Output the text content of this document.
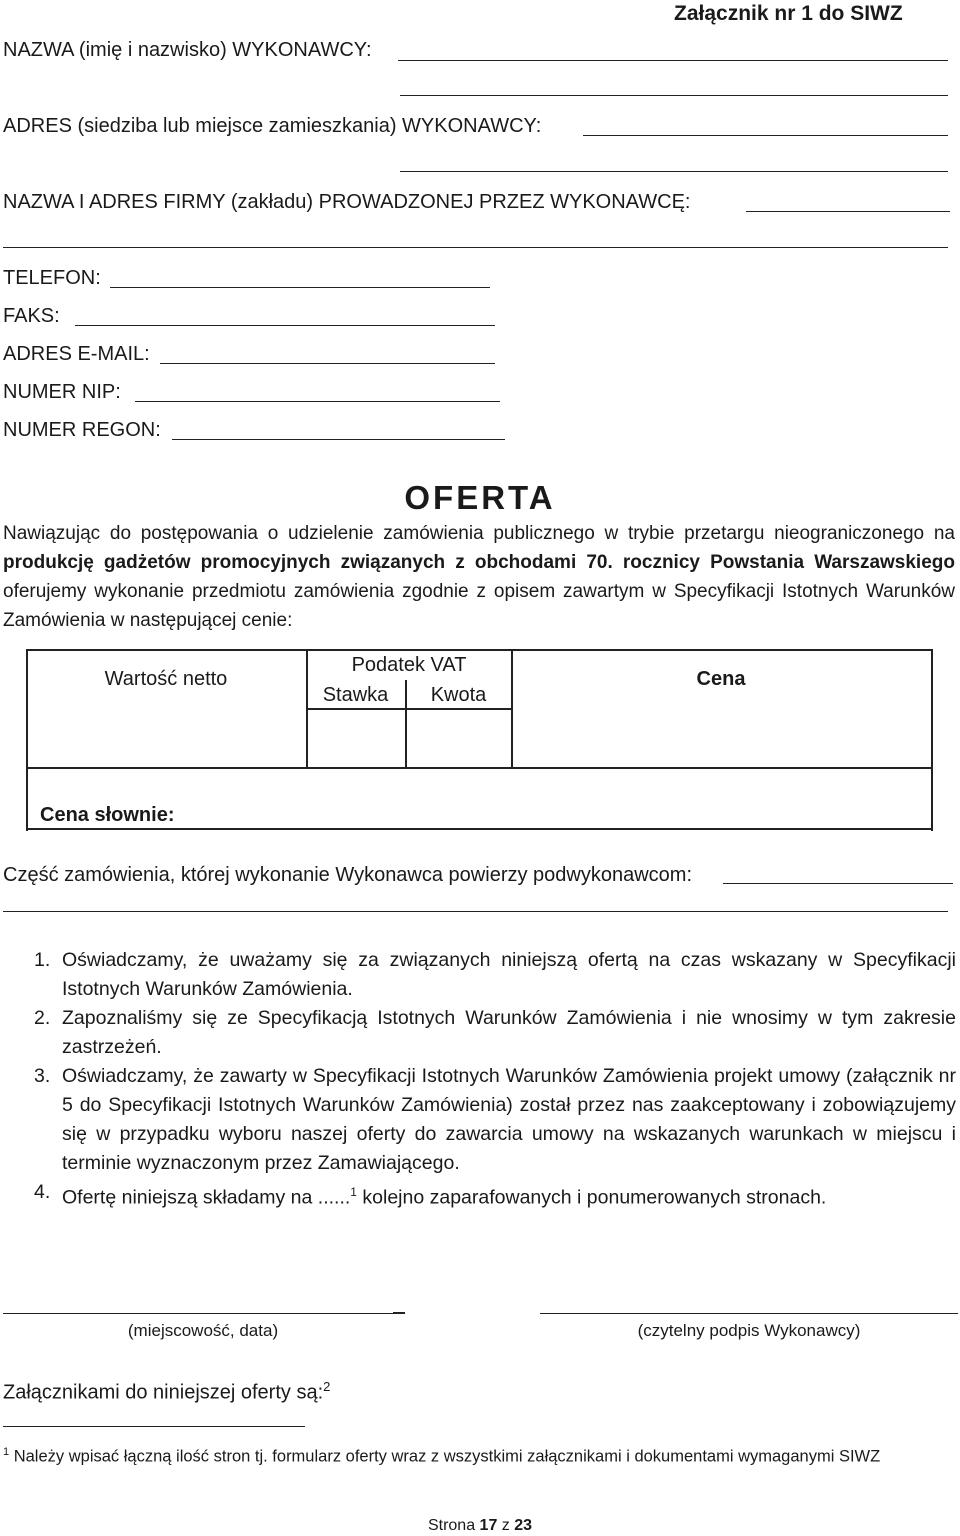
Załącznik nr 1 do SIWZ
NAZWA (imię i nazwisko) WYKONAWCY:
ADRES (siedziba lub miejsce zamieszkania) WYKONAWCY:
NAZWA I ADRES FIRMY (zakładu) PROWADZONEJ PRZEZ WYKONAWCĘ:
TELEFON:
FAKS:
ADRES E-MAIL:
NUMER NIP:
NUMER REGON:
OFERTA
Nawiązując do postępowania o udzielenie zamówienia publicznego w trybie przetargu nieograniczonego na produkcję gadżetów promocyjnych związanych z obchodami 70. rocznicy Powstania Warszawskiego oferujemy wykonanie przedmiotu zamówienia zgodnie z opisem zawartym w Specyfikacji Istotnych Warunków Zamówienia w następującej cenie:
Wartość netto
Podatek VAT
Stawka	Kwota
Cena
Cena słownie:
Część zamówienia, której wykonanie Wykonawca powierzy podwykonawcom:
1. Oświadczamy, że uważamy się za związanych niniejszą ofertą na czas wskazany w Specyfikacji Istotnych Warunków Zamówienia.
2. Zapoznaliśmy się ze Specyfikacją Istotnych Warunków Zamówienia i nie wnosimy w tym zakresie zastrzeżeń.
3. Oświadczamy, że zawarty w Specyfikacji Istotnych Warunków Zamówienia projekt umowy (załącznik nr 5 do Specyfikacji Istotnych Warunków Zamówienia) został przez nas zaakceptowany i zobowiązujemy się w przypadku wyboru naszej oferty do zawarcia umowy na wskazanych warunkach w miejscu i terminie wyznaczonym przez Zamawiającego.
4. Ofertę niniejszą składamy na ......$^1$ kolejno zaparafowanych i ponumerowanych stronach.
(miejscowość, data)	(czytelny podpis Wykonawcy)
Załącznikami do niniejszej oferty są:$^2$
$^1$ Należy wpisać łączną ilość stron tj. formularz oferty wraz z wszystkimi załącznikami i dokumentami wymaganymi SIWZ
Strona 17 z 23
